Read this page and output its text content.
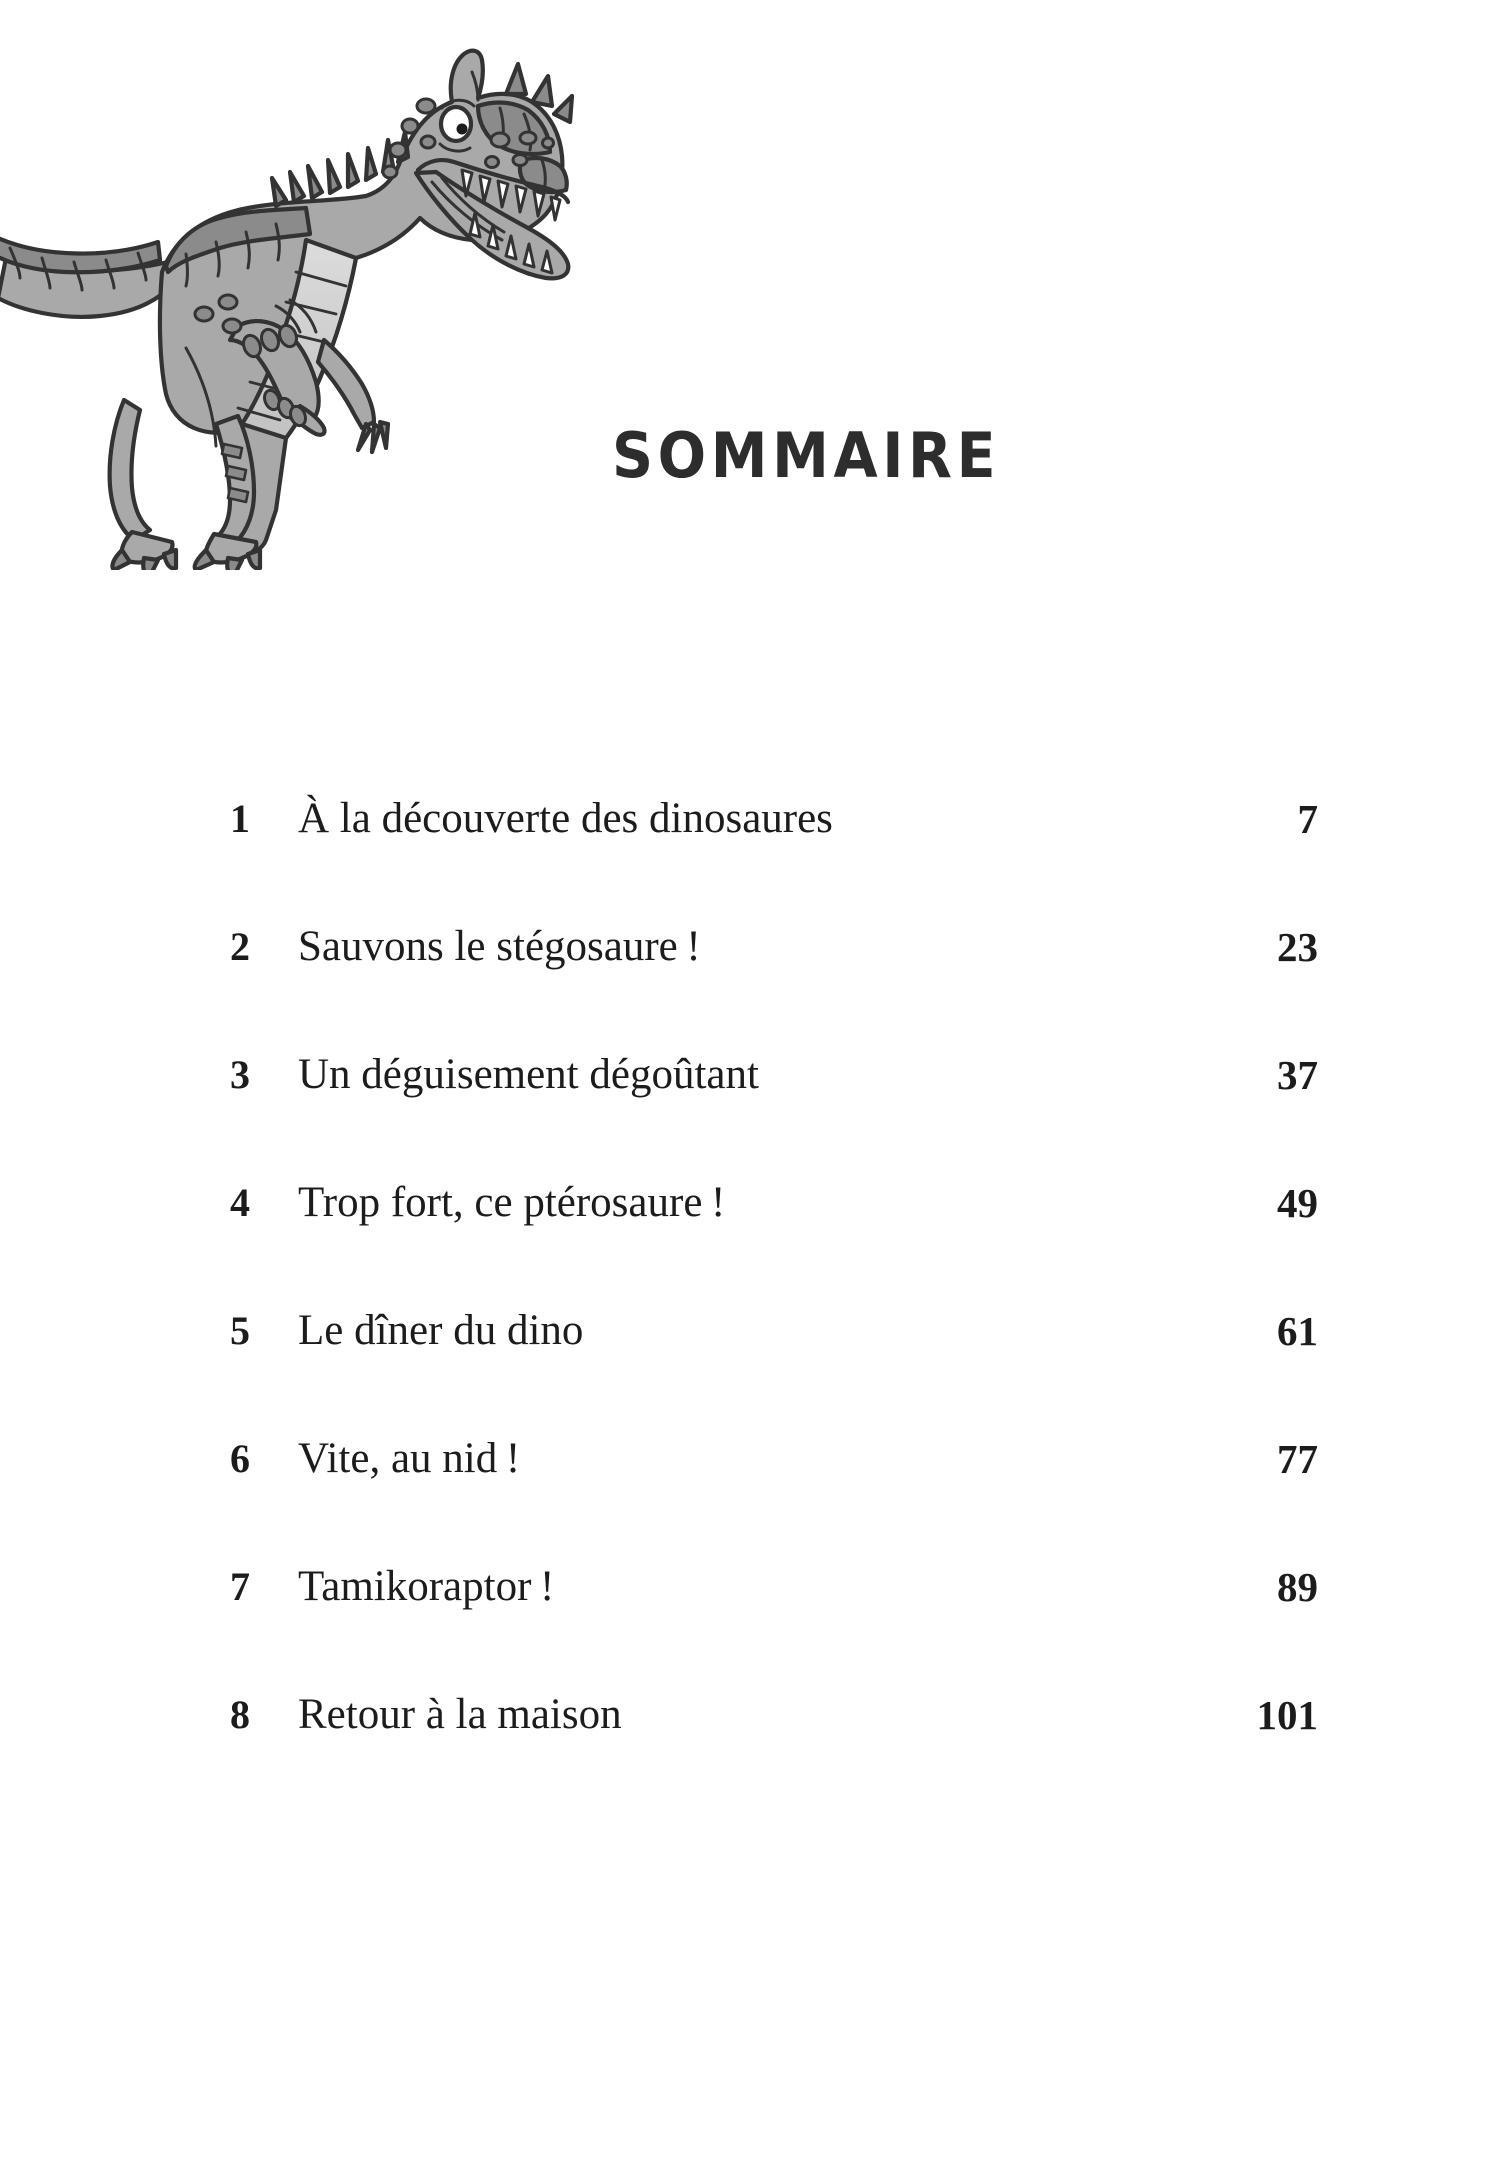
SOMMAIRE
1 À la découverte des dinosaures	7
2 Sauvons le stégosaure !	23
3 Un déguisement dégoûtant	37
4 Trop fort, ce ptérosaure !	49
5 Le dîner du dino	61
6 Vite, au nid !	77
7 Tamikoraptor !	89
8 Retour à la maison	101
